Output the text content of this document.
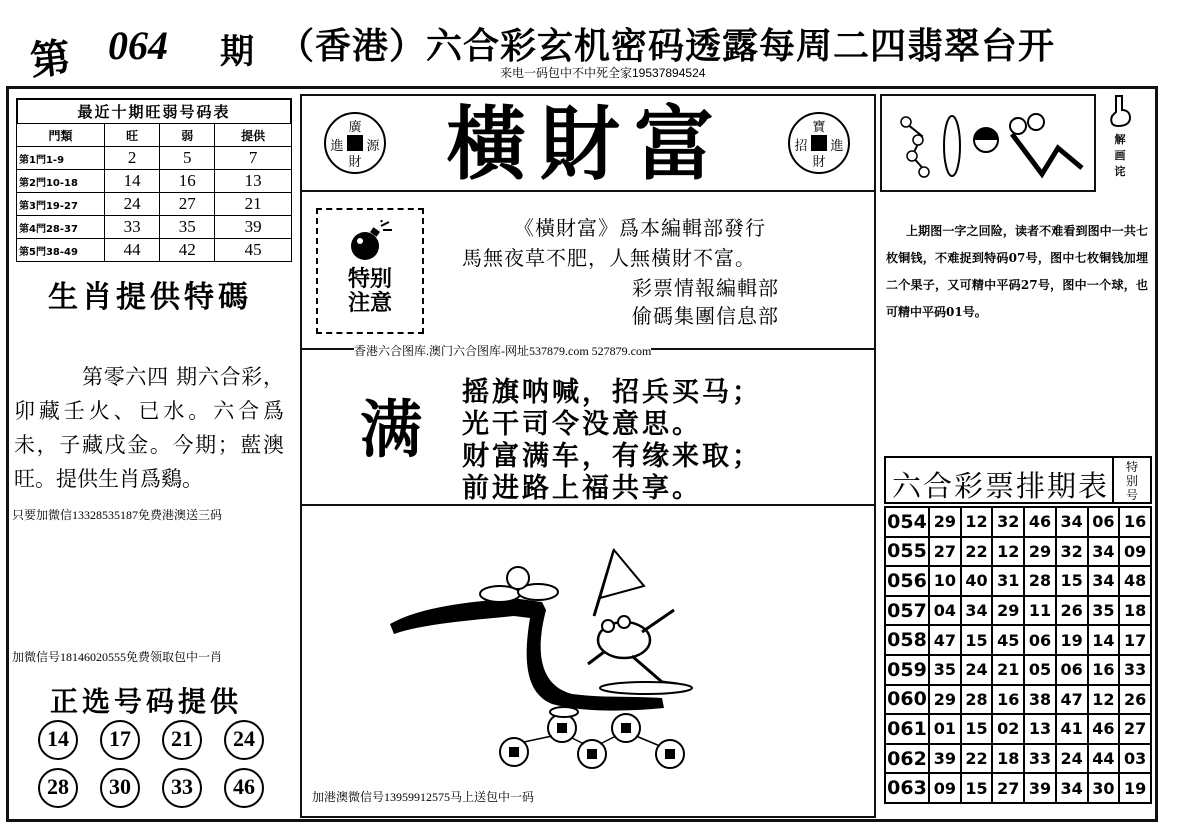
第 064 期 （香港）六合彩玄机密码透露每周二四翡翠台开
来电一码包中不中死全家19537894524
最近十期旺弱号码表
門類	旺	弱	提供
第1門1-9	2	5	7
第2門10-18	14	16	13
第3門19-27	24	27	21
第4門28-37	33	35	39
第5門38-49	44	42	45
生肖提供特碼
第零六四 期六合彩，卯藏壬火、已水。六合爲未，子藏戌金。今期；藍澳旺。提供生肖爲鷄。
只要加微信13328535187免费港澳送三码
加微信号18146020555免费领取包中一肖
正选号码提供
14	17	21	24
28	30	33	46
廣
財
進 源 橫財富	寶
財
招 進
特别
注意
《橫財富》爲本編輯部發行
馬無夜草不肥，人無橫財不富。
彩票情報編輯部
偷碼集團信息部
香港六合图库.澳门六合图库-网址537879.com 527879.com
满
摇旗呐喊，招兵买马；
光干司令没意思。
财富满车，有缘来取；
前进路上福共享。
加港澳微信号13959912575马上送包中一码
解
画
诧
上期图一字之回险，读者不难看到图中一共七枚铜钱，不难捉到特码07号，图中七枚铜钱加埋二个果子，又可精中平码27号，图中一个球，也可精中平码01号。
六合彩票排期表
特
别
号
054	29	12	32	46	34	06	16
055	27	22	12	29	32	34	09
056	10	40	31	28	15	34	48
057	04	34	29	11	26	35	18
058	47	15	45	06	19	14	17
059	35	24	21	05	06	16	33
060	29	28	16	38	47	12	26
061	01	15	02	13	41	46	27
062	39	22	18	33	24	44	03
063	09	15	27	39	34	30	19
